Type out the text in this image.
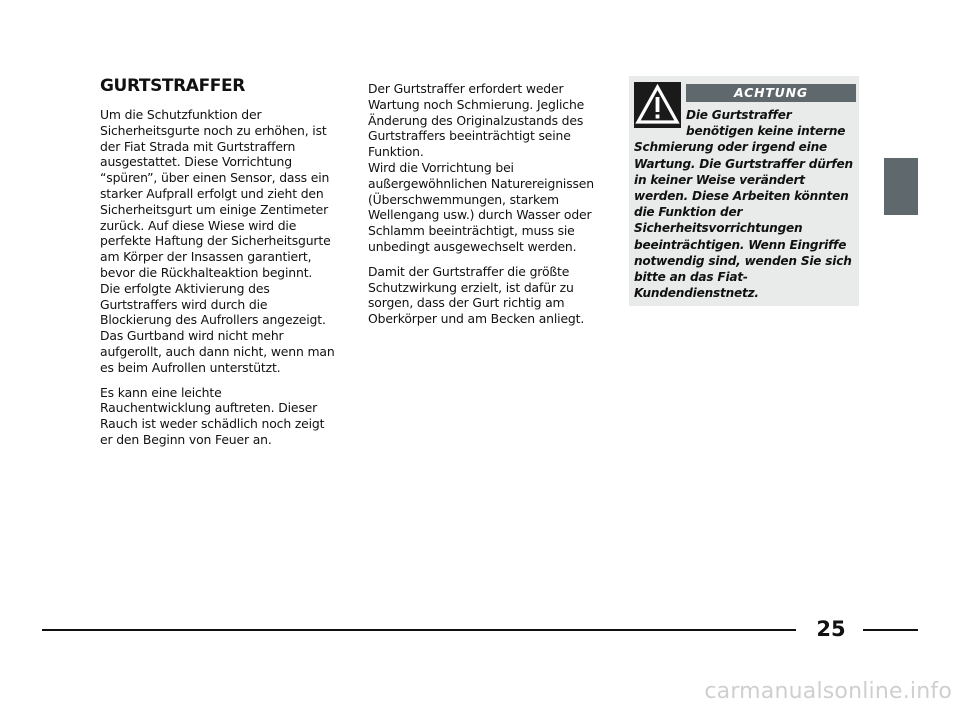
GURTSTRAFFER

Um die Schutzfunktion der Sicherheitsgurte noch zu erhöhen, ist der Fiat Strada mit Gurtstraffern ausgestattet. Diese Vorrichtung “spüren”, über einen Sensor, dass ein starker Aufprall erfolgt und zieht den Sicherheitsgurt um einige Zentimeter zurück. Auf diese Wiese wird die perfekte Haftung der Sicherheitsgurte am Körper der Insassen garantiert, bevor die Rückhalteaktion beginnt. Die erfolgte Aktivierung des Gurtstraffers wird durch die Blockierung des Aufrollers angezeigt. Das Gurtband wird nicht mehr aufgerollt, auch dann nicht, wenn man es beim Aufrollen unterstützt.

Es kann eine leichte Rauchentwicklung auftreten. Dieser Rauch ist weder schädlich noch zeigt er den Beginn von Feuer an.

Der Gurtstraffer erfordert weder Wartung noch Schmierung. Jegliche Änderung des Originalzustands des Gurtstraffers beeinträchtigt seine Funktion.

Wird die Vorrichtung bei außergewöhnlichen Naturereignissen (Überschwemmungen, starkem Wellengang usw.) durch Wasser oder Schlamm beeinträchtigt, muss sie unbedingt ausgewechselt werden.

Damit der Gurtstraffer die größte Schutzwirkung erzielt, ist dafür zu sorgen, dass der Gurt richtig am Oberkörper und am Becken anliegt.

ACHTUNG
Die Gurtstraffer benötigen keine interne Schmierung oder irgend eine Wartung. Die Gurtstraffer dürfen in keiner Weise verändert werden. Diese Arbeiten könnten die Funktion der Sicherheitsvorrichtungen beeinträchtigen. Wenn Eingriffe notwendig sind, wenden Sie sich bitte an das Fiat-Kundendienstnetz.
25
carmanualsonline.info
